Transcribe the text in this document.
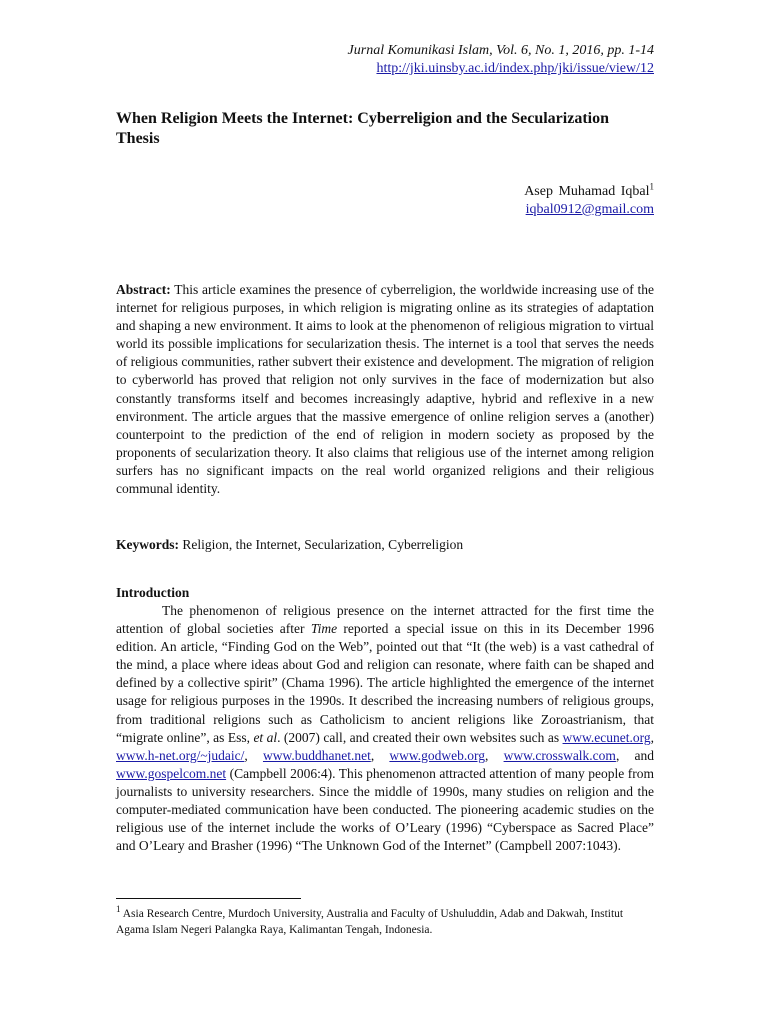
Jurnal Komunikasi Islam, Vol. 6, No. 1, 2016, pp. 1-14
http://jki.uinsby.ac.id/index.php/jki/issue/view/12
When Religion Meets the Internet: Cyberreligion and the Secularization Thesis
Asep Muhamad Iqbal$^1$
iqbal0912@gmail.com
Abstract: This article examines the presence of cyberreligion, the worldwide increasing use of the internet for religious purposes, in which religion is migrating online as its strategies of adaptation and shaping a new environment. It aims to look at the phenomenon of religious migration to virtual world its possible implications for secularization thesis. The internet is a tool that serves the needs of religious communities, rather subvert their existence and development. The migration of religion to cyberworld has proved that religion not only survives in the face of modernization but also constantly transforms itself and becomes increasingly adaptive, hybrid and reflexive in a new environment. The article argues that the massive emergence of online religion serves a (another) counterpoint to the prediction of the end of religion in modern society as proposed by the proponents of secularization theory. It also claims that religious use of the internet among religion surfers has no significant impacts on the real world organized religions and their religious communal identity.
Keywords: Religion, the Internet, Secularization, Cyberreligion
Introduction
The phenomenon of religious presence on the internet attracted for the first time the attention of global societies after Time reported a special issue on this in its December 1996 edition. An article, “Finding God on the Web”, pointed out that “It (the web) is a vast cathedral of the mind, a place where ideas about God and religion can resonate, where faith can be shaped and defined by a collective spirit” (Chama 1996). The article highlighted the emergence of the internet usage for religious purposes in the 1990s. It described the increasing numbers of religious groups, from traditional religions such as Catholicism to ancient religions like Zoroastrianism, that “migrate online”, as Ess, et al. (2007) call, and created their own websites such as www.ecunet.org, www.h-net.org/~judaic/, www.buddhanet.net, www.godweb.org, www.crosswalk.com, and www.gospelcom.net (Campbell 2006:4). This phenomenon attracted attention of many people from journalists to university researchers. Since the middle of 1990s, many studies on religion and the computer-mediated communication have been conducted. The pioneering academic studies on the religious use of the internet include the works of O’Leary (1996) “Cyberspace as Sacred Place” and O’Leary and Brasher (1996) “The Unknown God of the Internet” (Campbell 2007:1043).
$^1$ Asia Research Centre, Murdoch University, Australia and Faculty of Ushuluddin, Adab and Dakwah, Institut Agama Islam Negeri Palangka Raya, Kalimantan Tengah, Indonesia.
